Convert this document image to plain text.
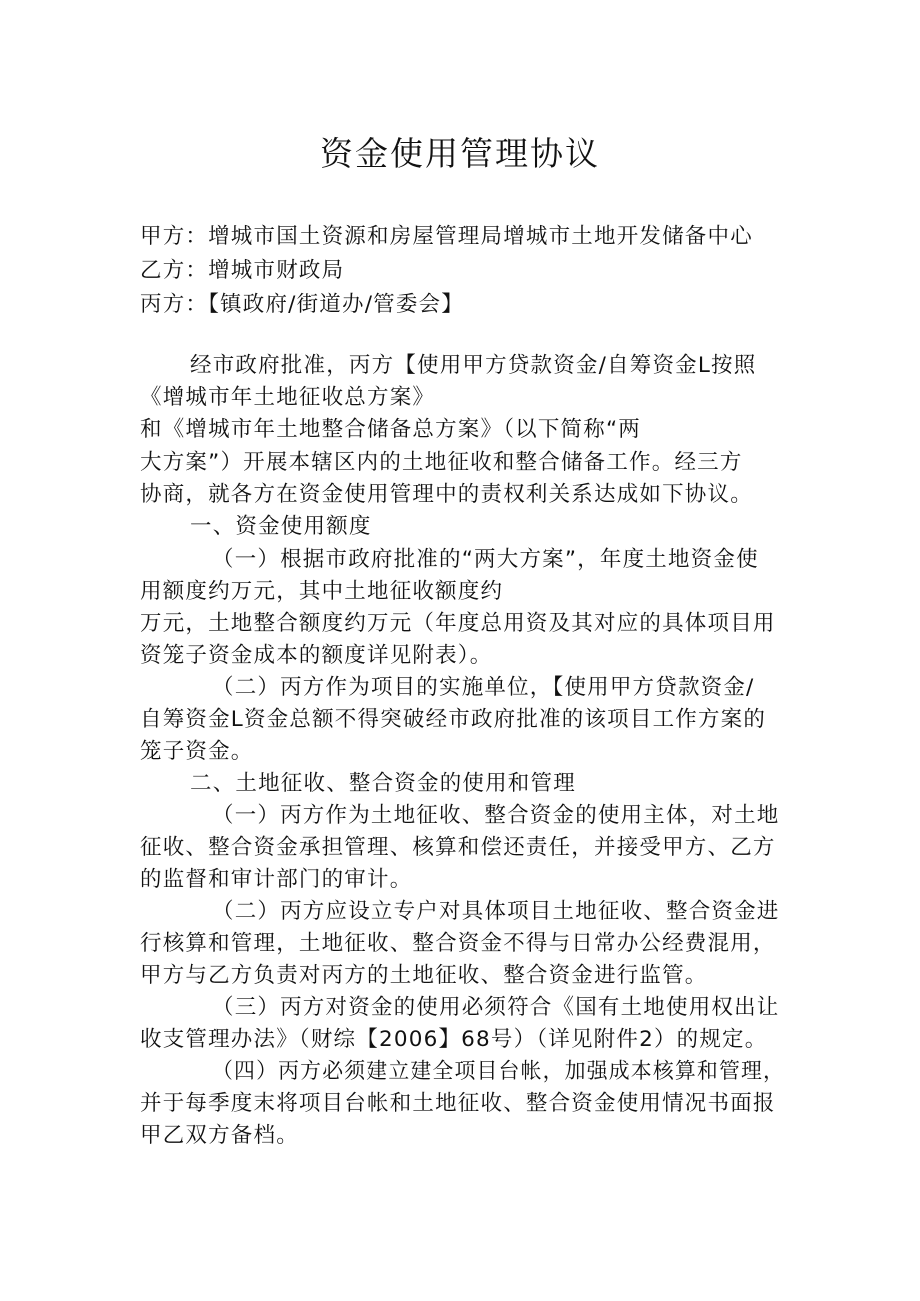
资金使用管理协议
甲方：增城市国土资源和房屋管理局增城市土地开发储备中心
乙方：增城市财政局
丙方：【镇政府/街道办/管委会】
经市政府批准，丙方【使用甲方贷款资金/自筹资金L按照
《增城市年土地征收总方案》
和《增城市年土地整合储备总方案》（以下简称“两
大方案”）开展本辖区内的土地征收和整合储备工作。经三方
协商，就各方在资金使用管理中的责权利关系达成如下协议。
一、资金使用额度
（一）根据市政府批准的“两大方案”，年度土地资金使
用额度约万元，其中土地征收额度约
万元，土地整合额度约万元（年度总用资及其对应的具体项目用
资笼子资金成本的额度详见附表）。
（二）丙方作为项目的实施单位，【使用甲方贷款资金/
自筹资金L资金总额不得突破经市政府批准的该项目工作方案的
笼子资金。
二、土地征收、整合资金的使用和管理
（一）丙方作为土地征收、整合资金的使用主体，对土地
征收、整合资金承担管理、核算和偿还责任，并接受甲方、乙方
的监督和审计部门的审计。
（二）丙方应设立专户对具体项目土地征收、整合资金进
行核算和管理，土地征收、整合资金不得与日常办公经费混用，
甲方与乙方负责对丙方的土地征收、整合资金进行监管。
（三）丙方对资金的使用必须符合《国有土地使用权出让
收支管理办法》（财综【2006】68号）（详见附件2）的规定。
（四）丙方必须建立建全项目台帐，加强成本核算和管理，
并于每季度末将项目台帐和土地征收、整合资金使用情况书面报
甲乙双方备档。
